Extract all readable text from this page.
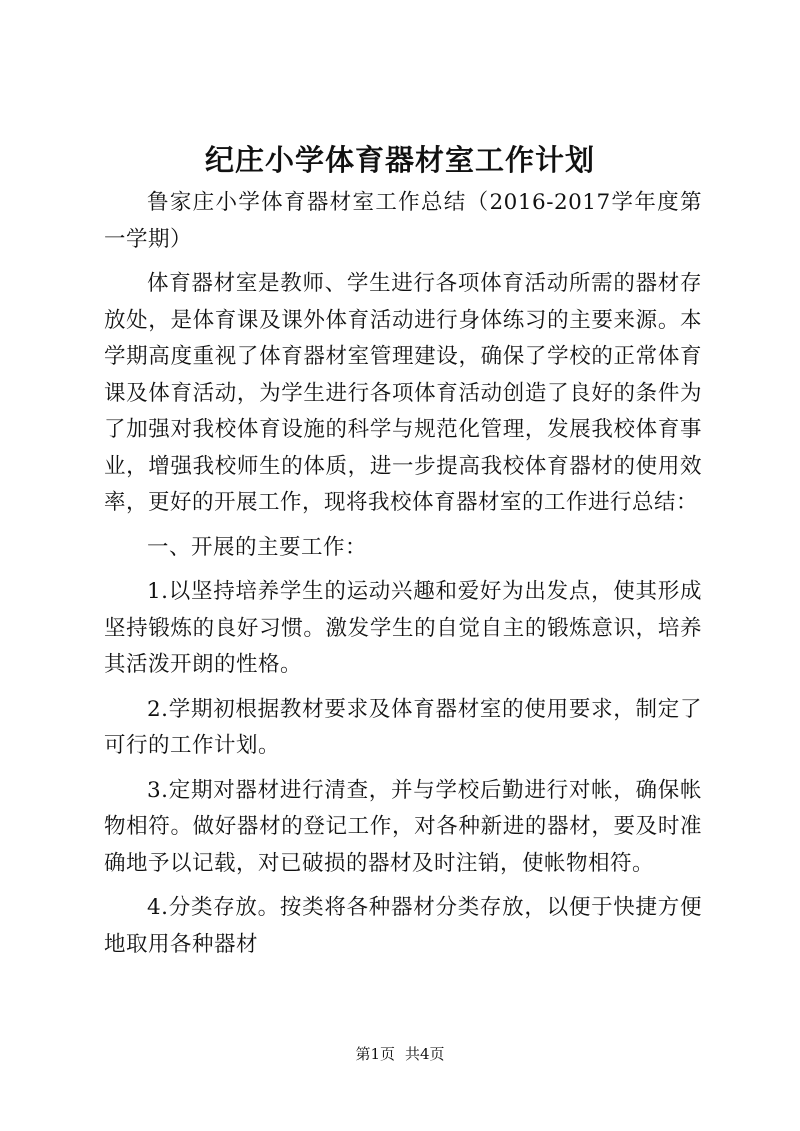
纪庄小学体育器材室工作计划

鲁家庄小学体育器材室工作总结（2016-2017学年度第一学期）

体育器材室是教师、学生进行各项体育活动所需的器材存放处，是体育课及课外体育活动进行身体练习的主要来源。本学期高度重视了体育器材室管理建设，确保了学校的正常体育课及体育活动，为学生进行各项体育活动创造了良好的条件为了加强对我校体育设施的科学与规范化管理，发展我校体育事业，增强我校师生的体质，进一步提高我校体育器材的使用效率，更好的开展工作，现将我校体育器材室的工作进行总结：

一、开展的主要工作：

1.以坚持培养学生的运动兴趣和爱好为出发点，使其形成坚持锻炼的良好习惯。激发学生的自觉自主的锻炼意识，培养其活泼开朗的性格。

2.学期初根据教材要求及体育器材室的使用要求，制定了可行的工作计划。

3.定期对器材进行清查，并与学校后勤进行对帐，确保帐物相符。做好器材的登记工作，对各种新进的器材，要及时准确地予以记载，对已破损的器材及时注销，使帐物相符。

4.分类存放。按类将各种器材分类存放，以便于快捷方便地取用各种器材

第1页 共4页
